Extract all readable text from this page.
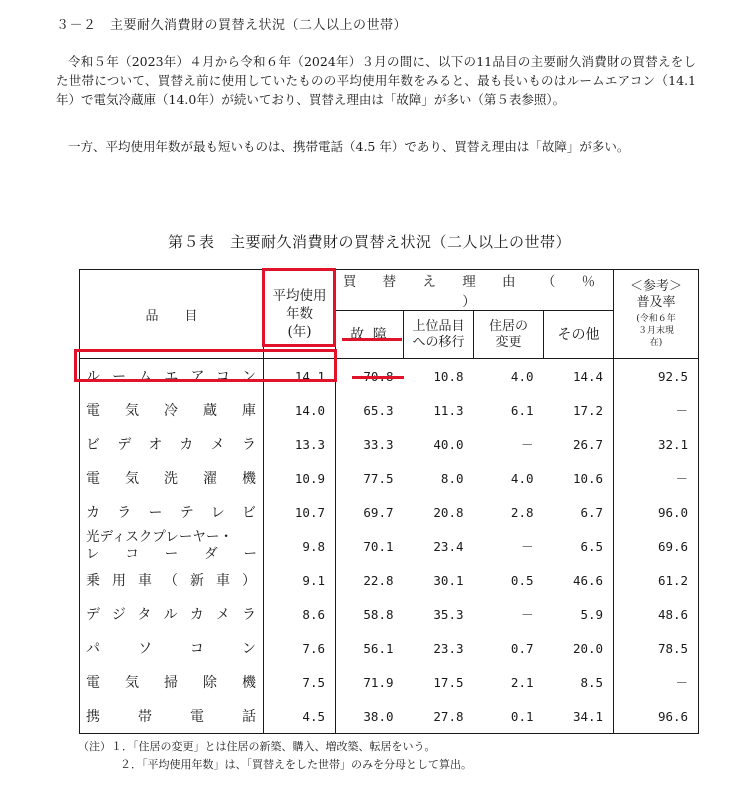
３－２　 主要耐久消費財の買替え状況（二人以上の世帯）

令和５年（2023年）４月から令和６年（2024年）３月の間に、以下の11品目の主要耐久消費財の買替えをした世帯について、買替え前に使用していたものの平均使用年数をみると、最も長いものはルームエアコン（14.1年）で電気冷蔵庫（14.0年）が続いており、買替え理由は「故障」が多い（第５表参照）。

一方、平均使用年数が最も短いものは、携帯電話（4.5 年）であり、買替え理由は「故障」が多い。

第５表　主要耐久消費財の買替え状況（二人以上の世帯）
品　　目	平均使用
年数
(年)	買 替 え 理 由 （ ％ ）				＜参考＞
普及率
(令和６年
３月末現
在)

		故 障	上位品目
への移行	住居の
変更	その他	
ルームエアコン	14.1	70.8	10.8	4.0	14.4	92.5
電気冷蔵庫	14.0	65.3	11.3	6.1	17.2	－
ビデオカメラ	13.3	33.3	40.0	－	26.7	32.1
電気洗濯機	10.9	77.5	8.0	4.0	10.6	－
カラーテレビ	10.7	69.7	20.8	2.8	6.7	96.0

光ディスクプレーヤー・
レコーダー	9.8	70.1	23.4	－	6.5	69.6
乗用車（新車）	9.1	22.8	30.1	0.5	46.6	61.2
デジタルカメラ	8.6	58.8	35.3	－	5.9	48.6
パソコン	7.6	56.1	23.3	0.7	20.0	78.5
電気掃除機	7.5	71.9	17.5	2.1	8.5	－
携帯電話	4.5	38.0	27.8	0.1	34.1	96.6
（注）１．「住居の変更」とは住居の新築、購入、増改築、転居をいう。
２．「平均使用年数」は、「買替えをした世帯」のみを分母として算出。
